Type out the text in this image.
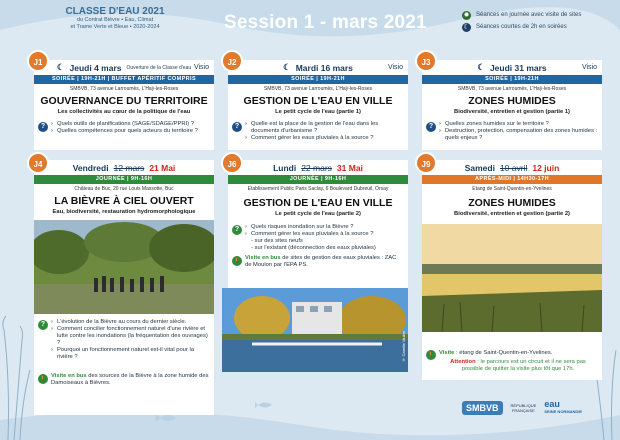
CLASSE D'EAU 2021
du Contrat Bièvre • Eau, Climat
et Trame Verte et Bleue • 2020-2024	Session 1 - mars 2021	✹ Séances en journée avec visite de sites
☾ Séances courtes de 2h en soirées
J1	☾ Jeudi 4 mars Ouverture de la Classe d'eau Visio
SOIRÉE | 19H-21H | BUFFET APÉRITIF COMPRIS
SMBVB, 73 avenue Larroumès, L'Haÿ-les-Roses
GOUVERNANCE DU TERRITOIRE
Les collectivités au cœur de la politique de l'eau
?	› Quels outils de planifications (SAGE/SDAGE/PPRI) ?
› Quelles compétences pour quels acteurs du territoire ?
J2	☾ Mardi 16 mars	Visio
SOIRÉE | 19H-21H
SMBVB, 73 avenue Larroumès, L'Haÿ-les-Roses
GESTION DE L'EAU EN VILLE
Le petit cycle de l'eau (partie 1)
?	› Quelle est la place de la gestion de l'eau dans les documents d'urbanisme ?
› Comment gérer les eaux pluviales à la source ?
J3	☾ Jeudi 31 mars	Visio
SOIRÉE | 19H-21H
SMBVB, 73 avenue Larroumès, L'Haÿ-les-Roses
ZONES HUMIDES
Biodiversité, entretien et gestion (partie 1)
?	› Quelles zones humides sur le territoire ?
› Destruction, protection, compensation des zones humides : quels enjeux ?
J4	Vendredi 12 mars 21 Mai
JOURNÉE | 9H-16H
Château de Buc, 20 rue Louis Massotte, Buc
LA BIÈVRE À CIEL OUVERT
Eau, biodiversité, restauration hydromorphologique
?	› L'évolution de la Bièvre au cours du dernier siècle.
› Comment concilier fonctionnement naturel d'une rivière et lutte contre les inondations (la fréquentation des ouvrages) ?
› Pourquoi un fonctionnement naturel est-il vital pour la rivière ?
🚶 Visite en bus des sources de la Bièvre à la zone humide des Damoiseaux à Bièvres.
J6	Lundi 22 mars 31 Mai
JOURNÉE | 9H-16H
Etablissement Public Paris Saclay, 6 Boulevard Dubreuil, Orsay
GESTION DE L'EAU EN VILLE
Le petit cycle de l'eau (partie 2)
?	› Quels risques inondation sur la Bièvre ?
› Comment gérer les eaux pluviales à la source ?
- sur des sites neufs
- sur l'existant (déconnection des eaux pluviales)
🚶 Visite en bus de sites de gestion des eaux pluviales : ZAC de Moulon par l'EPA PS.
© Camille Muller
J9	Samedi 10 avril 12 juin
APRÈS-MIDI | 14H30-17H
Etang de Saint-Quentin-en-Yvelines
ZONES HUMIDES
Biodiversité, entretien et gestion (partie 2)
🚶 Visite : étang de Saint-Quentin-en-Yvelines.
Attention : le parcours est un circuit et il ne sera pas possible de quitter la visite plus tôt que 17h.
SMBVB	RÉPUBLIQUE
FRANÇAISE
eau
SEINE NORMANDIE
